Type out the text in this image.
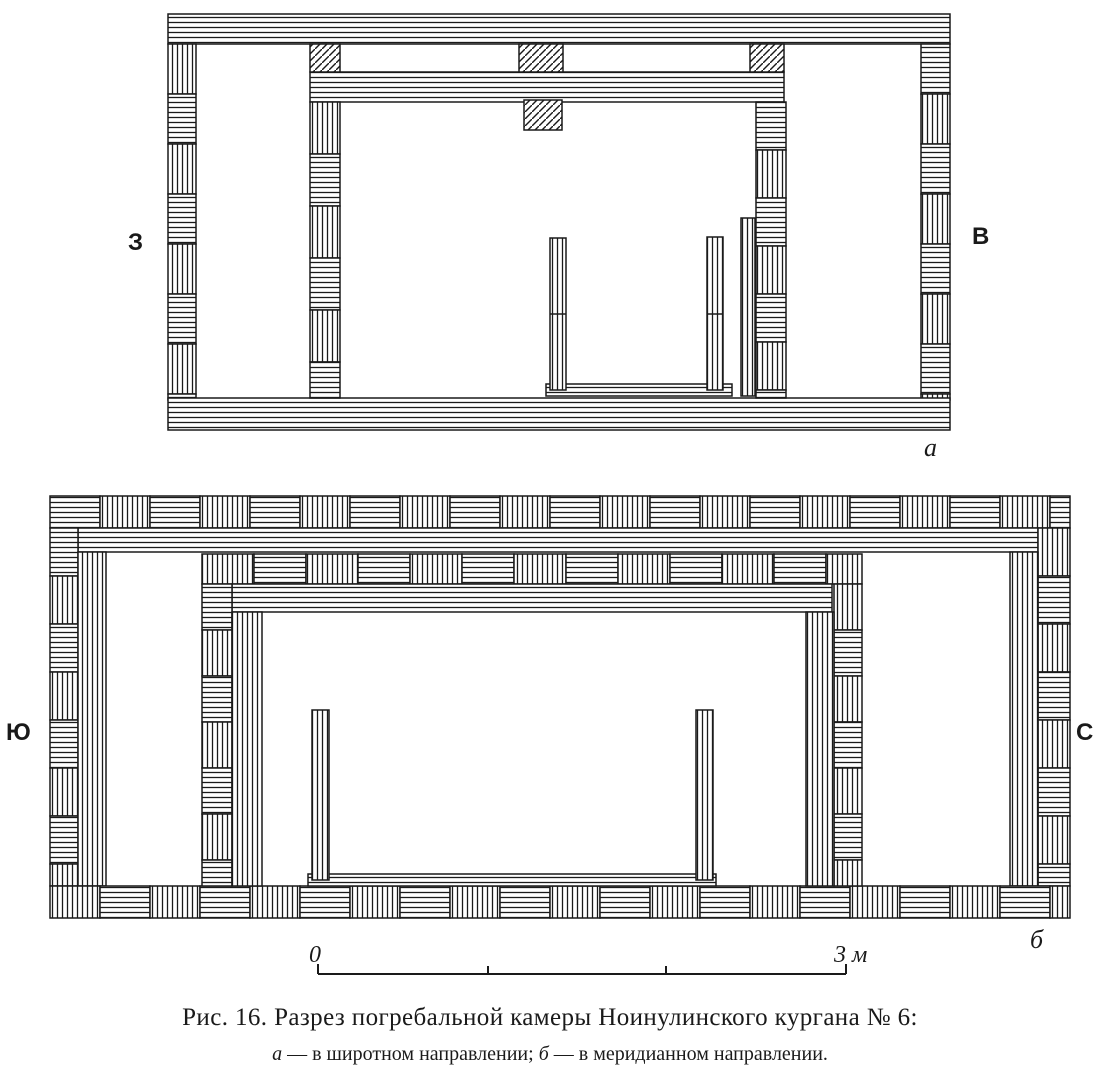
З	В
а
Ю	С
б
0	3 м
Рис. 16. Разрез погребальной камеры Ноинулинского кургана № 6:
а — в широтном направлении; б — в меридианном направлении.
